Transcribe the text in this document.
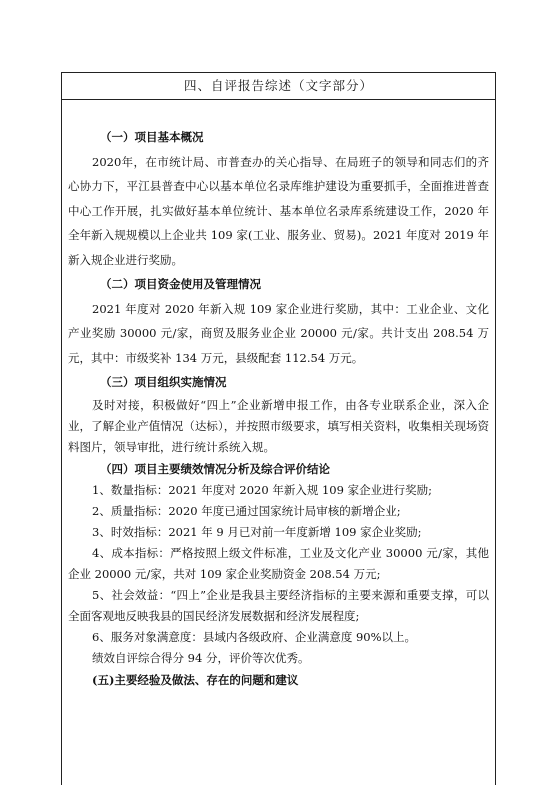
四、自评报告综述（文字部分）
（一）项目基本概况
2020年，在市统计局、市普查办的关心指导、在局班子的领导和同志们的齐心协力下，平江县普查中心以基本单位名录库维护建设为重要抓手，全面推进普查中心工作开展，扎实做好基本单位统计、基本单位名录库系统建设工作，2020 年全年新入规规模以上企业共 109 家(工业、服务业、贸易)。2021 年度对 2019 年新入规企业进行奖励。
（二）项目资金使用及管理情况
2021 年度对 2020 年新入规 109 家企业进行奖励，其中：工业企业、文化产业奖励 30000 元/家，商贸及服务业企业 20000 元/家。共计支出 208.54 万元，其中：市级奖补 134 万元，县级配套 112.54 万元。
（三）项目组织实施情况
及时对接，积极做好“四上”企业新增申报工作，由各专业联系企业，深入企业，了解企业产值情况（达标），并按照市级要求，填写相关资料，收集相关现场资料图片，领导审批，进行统计系统入规。
（四）项目主要绩效情况分析及综合评价结论
1、数量指标：2021 年度对 2020 年新入规 109 家企业进行奖励;
2、质量指标：2020 年度已通过国家统计局审核的新增企业;
3、时效指标：2021 年 9 月已对前一年度新增 109 家企业奖励;
4、成本指标：严格按照上级文件标准，工业及文化产业 30000 元/家，其他企业 20000 元/家，共对 109 家企业奖励资金 208.54 万元;
5、社会效益：“四上”企业是我县主要经济指标的主要来源和重要支撑，可以全面客观地反映我县的国民经济发展数据和经济发展程度;
6、服务对象满意度：县域内各级政府、企业满意度 90%以上。
绩效自评综合得分 94 分，评价等次优秀。
(五)主要经验及做法、存在的问题和建议
